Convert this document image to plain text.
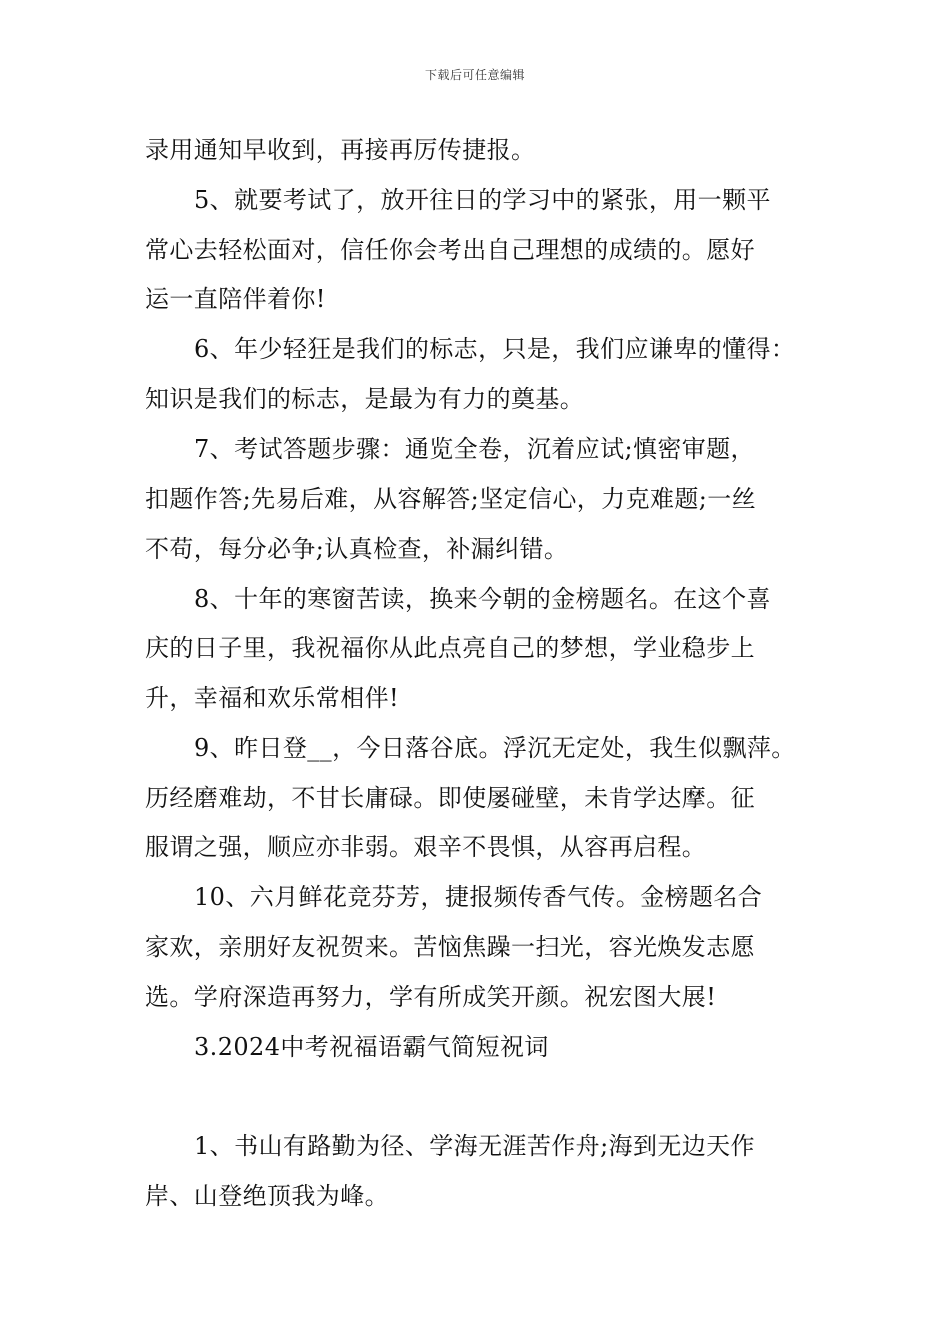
下载后可任意编辑
录用通知早收到，再接再厉传捷报。
5、就要考试了，放开往日的学习中的紧张，用一颗平
常心去轻松面对，信任你会考出自己理想的成绩的。愿好
运一直陪伴着你!
6、年少轻狂是我们的标志，只是，我们应谦卑的懂得：
知识是我们的标志，是最为有力的奠基。
7、考试答题步骤：通览全卷，沉着应试;慎密审题，
扣题作答;先易后难，从容解答;坚定信心，力克难题;一丝
不苟，每分必争;认真检查，补漏纠错。
8、十年的寒窗苦读，换来今朝的金榜题名。在这个喜
庆的日子里，我祝福你从此点亮自己的梦想，学业稳步上
升，幸福和欢乐常相伴!
9、昨日登__，今日落谷底。浮沉无定处，我生似飘萍。
历经磨难劫，不甘长庸碌。即使屡碰壁，未肯学达摩。征
服谓之强，顺应亦非弱。艰辛不畏惧，从容再启程。
10、六月鲜花竞芬芳，捷报频传香气传。金榜题名合
家欢，亲朋好友祝贺来。苦恼焦躁一扫光，容光焕发志愿
选。学府深造再努力，学有所成笑开颜。祝宏图大展!
3.2024中考祝福语霸气简短祝词
1、书山有路勤为径、学海无涯苦作舟;海到无边天作
岸、山登绝顶我为峰。
